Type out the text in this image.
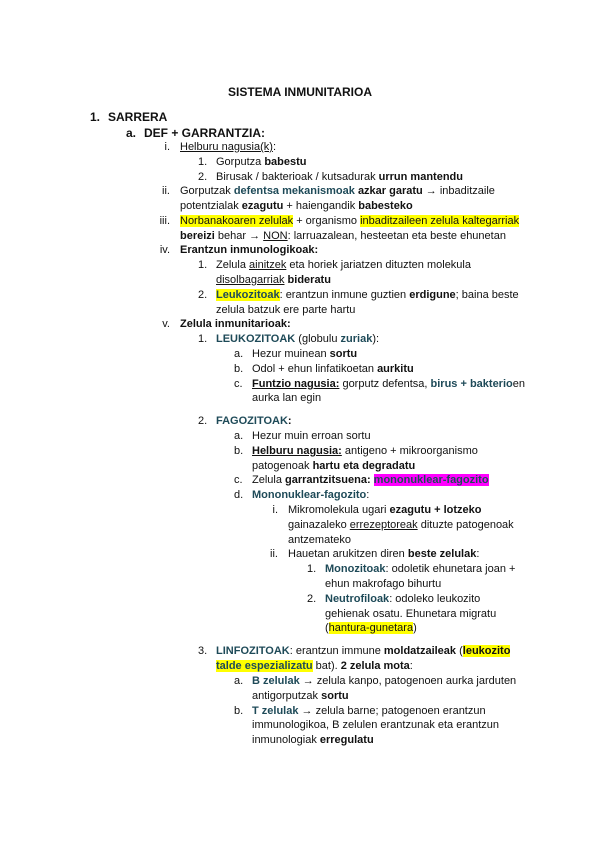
SISTEMA INMUNITARIOA
1. SARRERA
a. DEF + GARRANTZIA:
i. Helburu nagusia(k):
1. Gorputza babestu
2. Birusak / bakterioak / kutsadurak urrun mantendu
ii. Gorputzak defentsa mekanismoak azkar garatu → inbaditzaile
potentzialak ezagutu + haiengandik babesteko
iii. Norbanakoaren zelulak + organismo inbaditzaileen zelula kaltegarriak
bereizi behar → NON: larruazalean, hesteetan eta beste ehunetan
iv. Erantzun inmunologikoak:
1. Zelula ainitzek eta horiek jariatzen dituzten molekula
disolbagarriak bideratu
2. Leukozitoak: erantzun inmune guztien erdigune; baina beste
zelula batzuk ere parte hartu
v. Zelula inmunitarioak:
1. LEUKOZITOAK (globulu zuriak):
a. Hezur muinean sortu
b. Odol + ehun linfatikoetan aurkitu
c. Funtzio nagusia: gorputz defentsa, birus + bakterioen
aurka lan egin
2. FAGOZITOAK:
a. Hezur muin erroan sortu
b. Helburu nagusia: antigeno + mikroorganismo
patogenoak hartu eta degradatu
c. Zelula garrantzitsuena: mononuklear-fagozito
d. Mononuklear-fagozito:
i. Mikromolekula ugari ezagutu + lotzeko
gainazaleko errezeptoreak dituzte patogenoak
antzemateko
ii. Hauetan arukitzen diren beste zelulak:
1. Monozitoak: odoletik ehunetara joan +
ehun makrofago bihurtu
2. Neutrofiloak: odoleko leukozito
gehienak osatu. Ehunetara migratu
(hantura-gunetara)
3. LINFOZITOAK: erantzun immune moldatzaileak (leukozito
talde espezializatu bat). 2 zelula mota:
a. B zelulak → zelula kanpo, patogenoen aurka jarduten
antigorputzak sortu
b. T zelulak → zelula barne; patogenoen erantzun
immunologikoa, B zelulen erantzunak eta erantzun
inmunologiak erregulatu
